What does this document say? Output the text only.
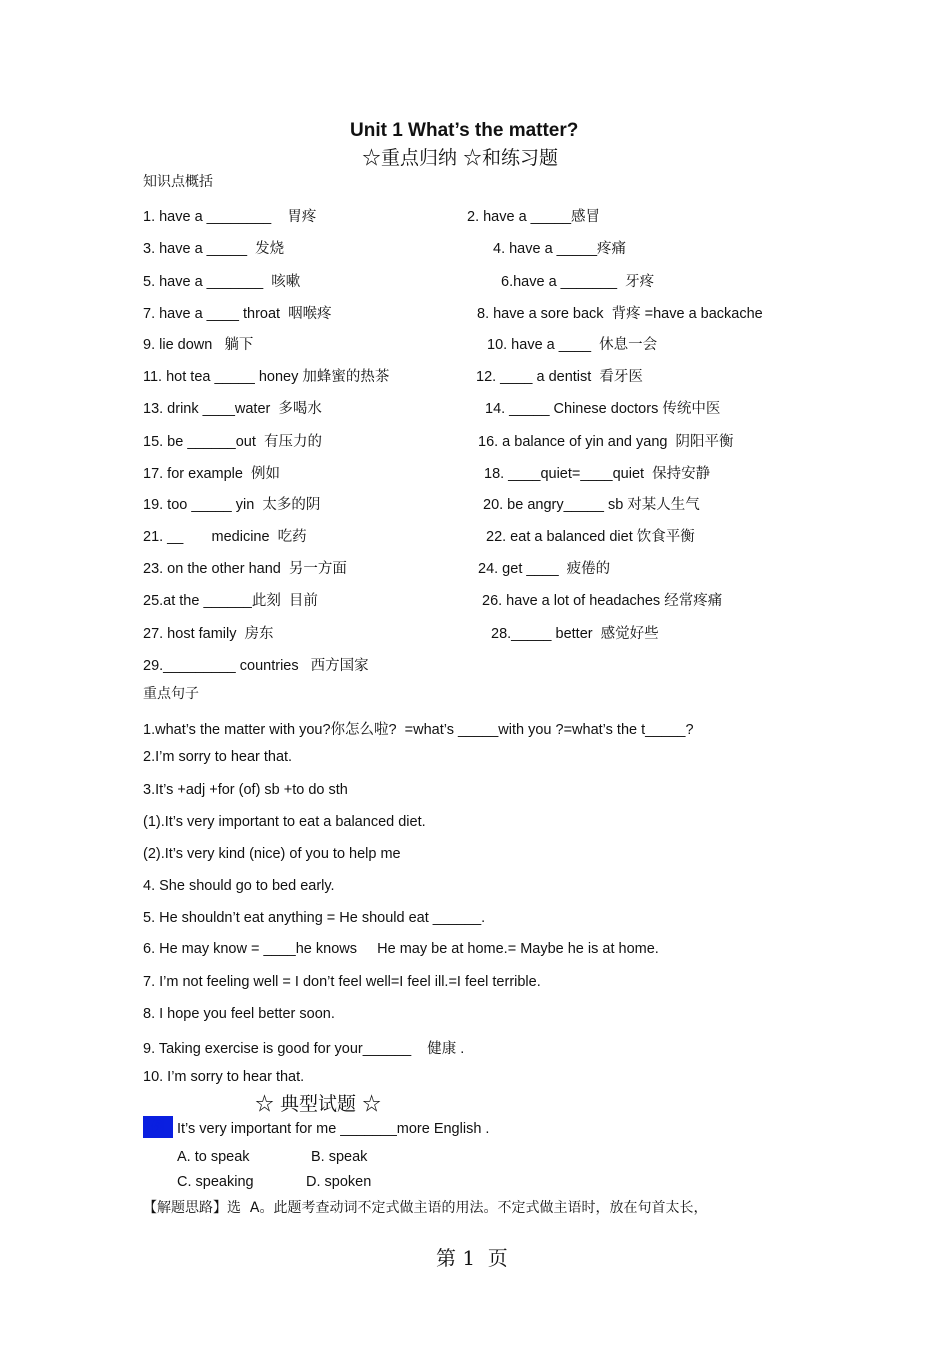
Unit 1 What’s the matter?
☆重点归纳 ☆和练习题
知识点概括
1. have a ________    胃疼
3. have a _____  发烧
5. have a _______  咳嗽
7. have a ____ throat  咽喉疼
9. lie down   躺下
11. hot tea _____ honey 加蜂蜜的热茶
13. drink ____water  多喝水
15. be ______out  有压力的
17. for example  例如
19. too _____ yin  太多的阴
21. __       medicine  吃药
23. on the other hand  另一方面
25.at the ______此刻  目前
27. host family  房东
29._________ countries   西方国家
2. have a _____感冒
4. have a _____疼痛
6.have a _______  牙疼
8. have a sore back  背疼 =have a backache
10. have a ____  休息一会
12. ____ a dentist  看牙医
14. _____ Chinese doctors 传统中医
16. a balance of yin and yang  阴阳平衡
18. ____quiet=____quiet  保持安静
20. be angry_____ sb 对某人生气
22. eat a balanced diet 饮食平衡
24. get ____  疲倦的
26. have a lot of headaches 经常疼痛
28._____ better  感觉好些
重点句子
1.what’s the matter with you?你怎么啦?  =what’s _____with you ?=what’s the t_____?
2.I’m sorry to hear that.
3.It’s +adj +for (of) sb +to do sth
(1).It’s very important to eat a balanced diet.
(2).It’s very kind (nice) of you to help me
4. She should go to bed early.
5. He shouldn’t eat anything = He should eat ______.
6. He may know = ____he knows     He may be at home.= Maybe he is at home.
7. I’m not feeling well = I don’t feel well=I feel ill.=I feel terrible.
8. I hope you feel better soon.
9. Taking exercise is good for your______    健康 .
10. I’m sorry to hear that.
☆ 典型试题 ☆
例 It’s very important for me _______more English .
A. to speak	B. speak
C. speaking	D. spoken
【解题思路】选  A。此题考查动词不定式做主语的用法。不定式做主语时，放在句首太长，
第 1  页
